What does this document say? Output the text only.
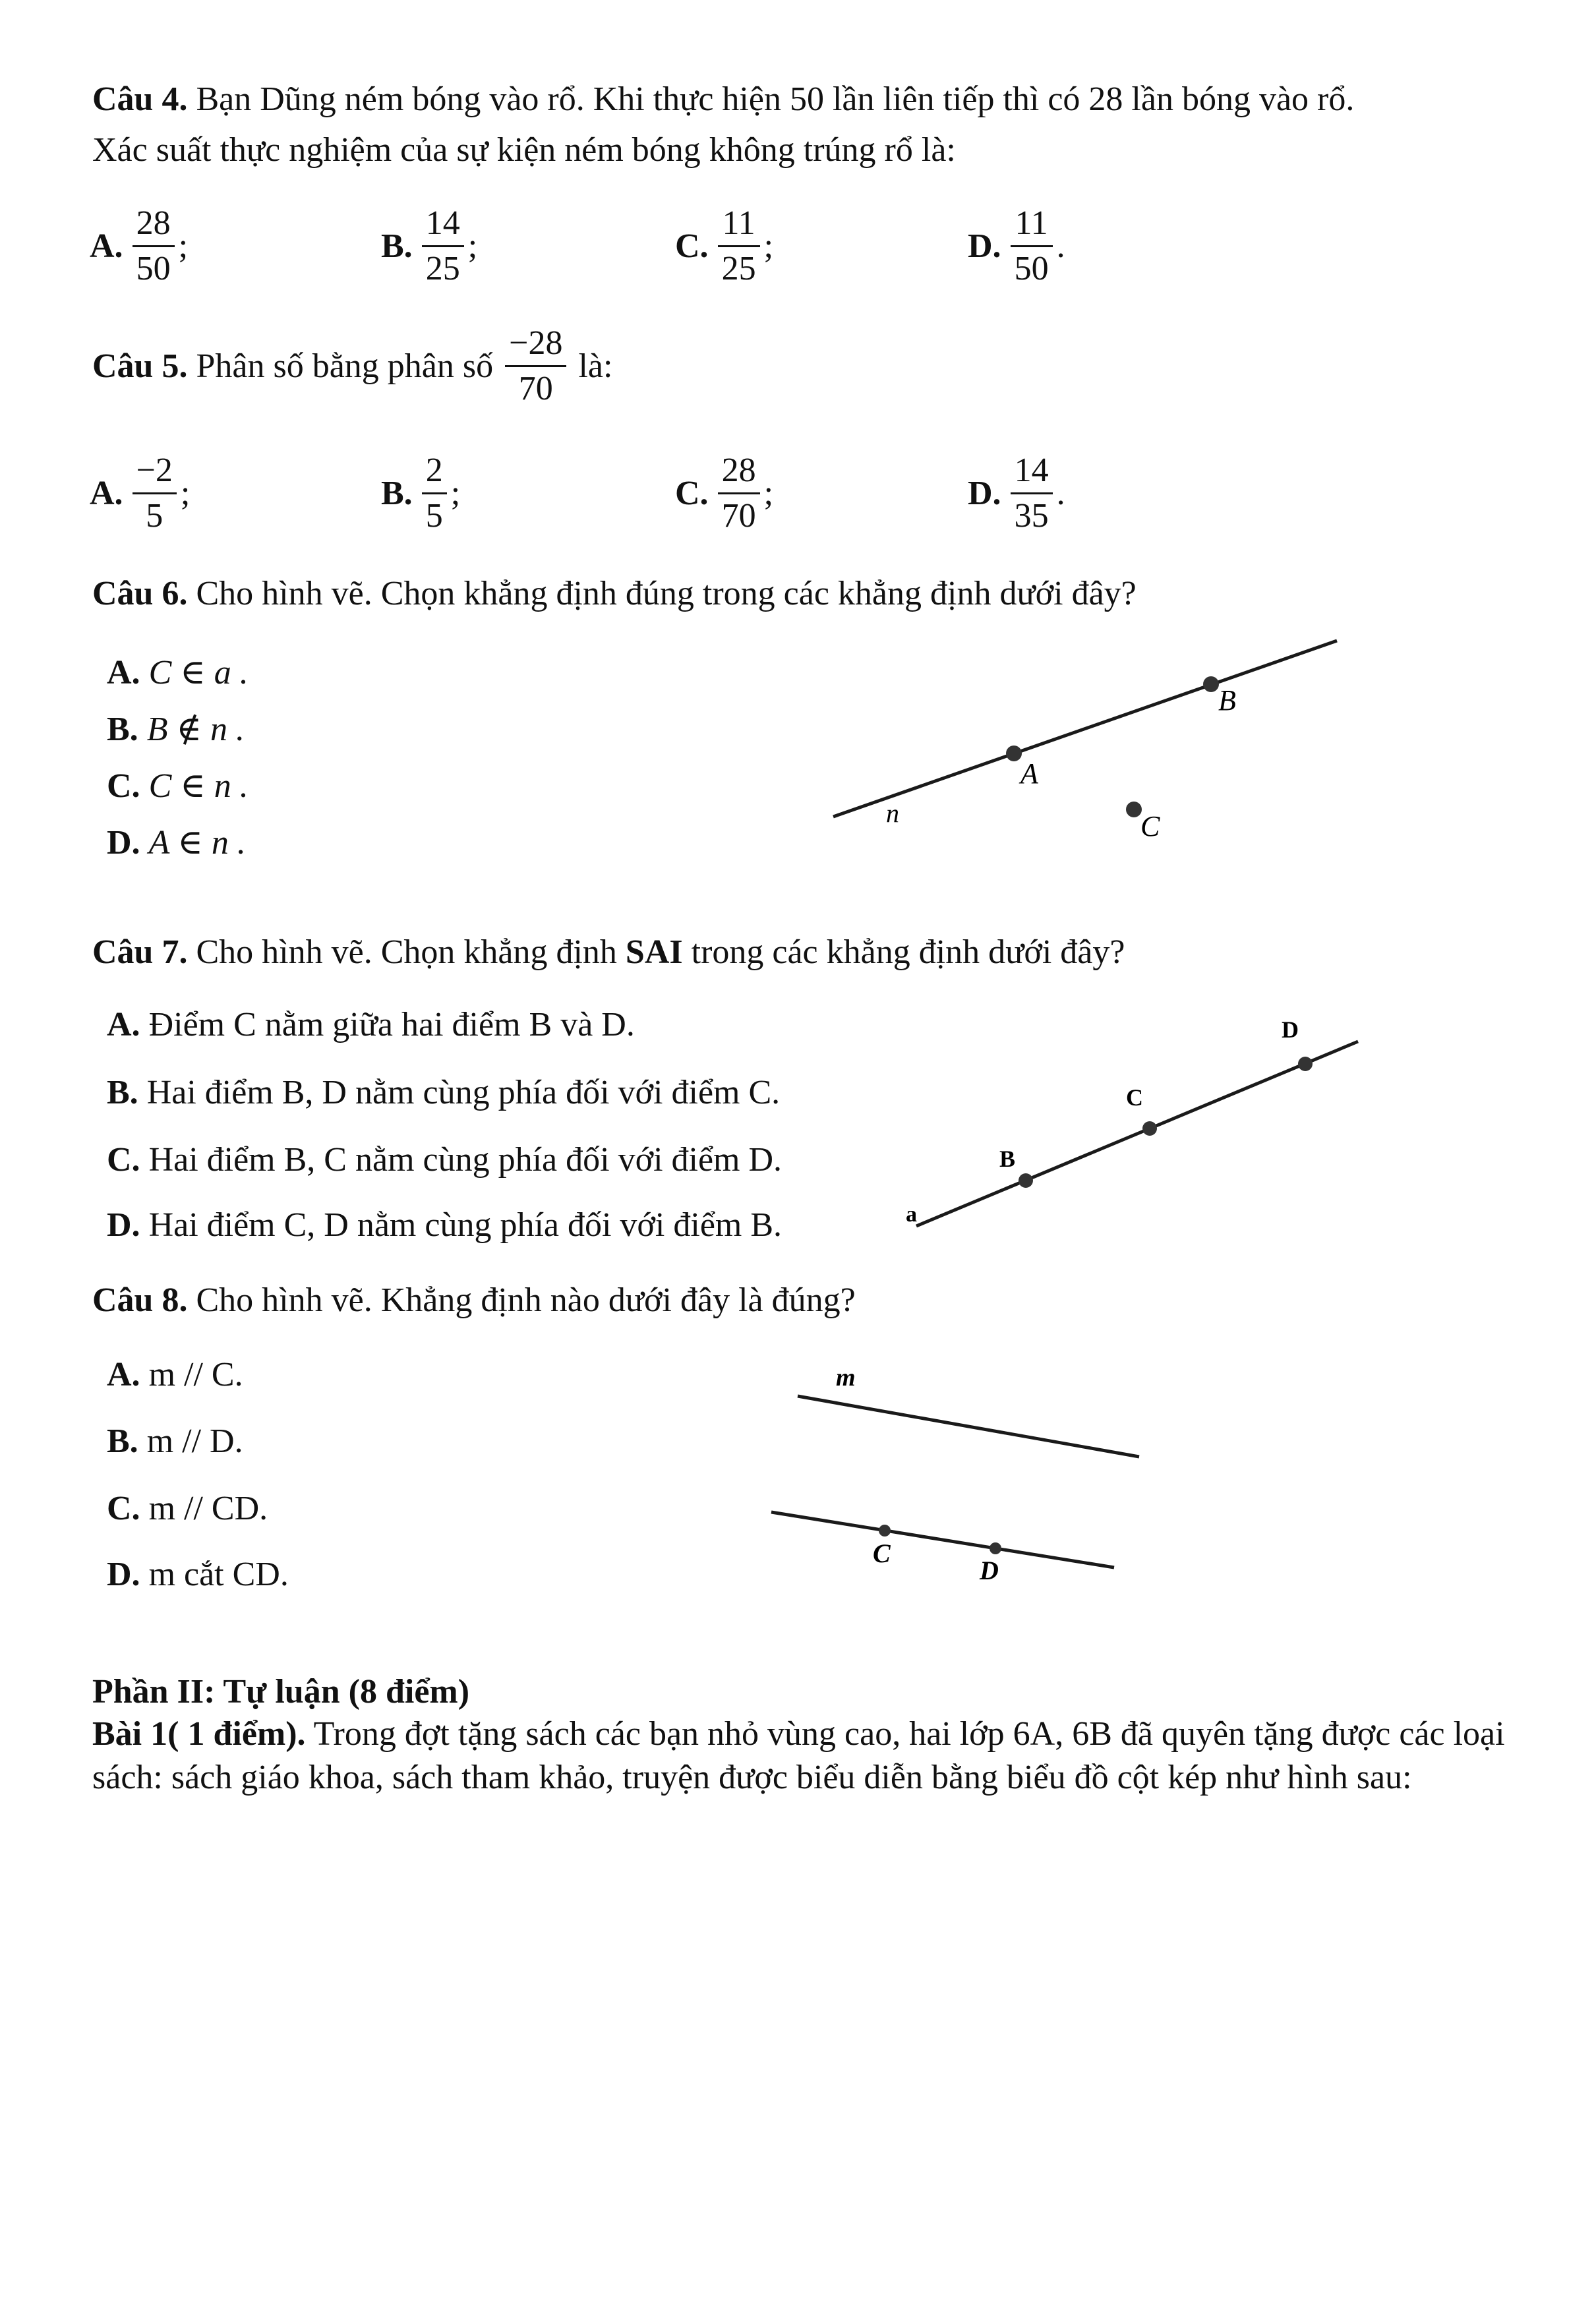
Câu 4. Bạn Dũng ném bóng vào rổ. Khi thực hiện 50 lần liên tiếp thì có 28 lần bóng vào rổ.
Xác suất thực nghiệm của sự kiện ném bóng không trúng rổ là:
A. $\frac{28}{50}$ ;	B. $\frac{14}{25}$ ;	C. $\frac{11}{25}$ ;	D. $\frac{11}{50}$ .
Câu 5.
Phân số bằng phân số $\frac{-28}{70}$ là:
A. $\frac{-2}{5}$ ;	B. $\frac{2}{5}$ ;	C. $\frac{28}{70}$ ;	D. $\frac{14}{35}$ .
Câu 6. Cho hình vẽ. Chọn khẳng định đúng trong các khẳng định dưới đây?
A. C ∈ a .
B. B ∉ n .
C. C ∈ n .
D. A ∈ n .
n
A
B
C
Câu 7. Cho hình vẽ. Chọn khẳng định SAI trong các khẳng định dưới đây?
A. Điểm C nằm giữa hai điểm B và D.
B. Hai điểm B, D nằm cùng phía đối với điểm C.
C. Hai điểm B, C nằm cùng phía đối với điểm D.
D. Hai điểm C, D nằm cùng phía đối với điểm B.	a
B
C
D
Câu 8. Cho hình vẽ. Khẳng định nào dưới đây là đúng?
A. m // C.
B. m // D.
C. m // CD.
D. m cắt CD.
m
C
D
Phần II: Tự luận (8 điểm)
Bài 1( 1 điểm). Trong đợt tặng sách các bạn nhỏ vùng cao, hai lớp 6A, 6B đã quyên tặng được các loại sách: sách giáo khoa, sách tham khảo, truyện được biểu diễn bằng biểu đồ cột kép như hình sau:
